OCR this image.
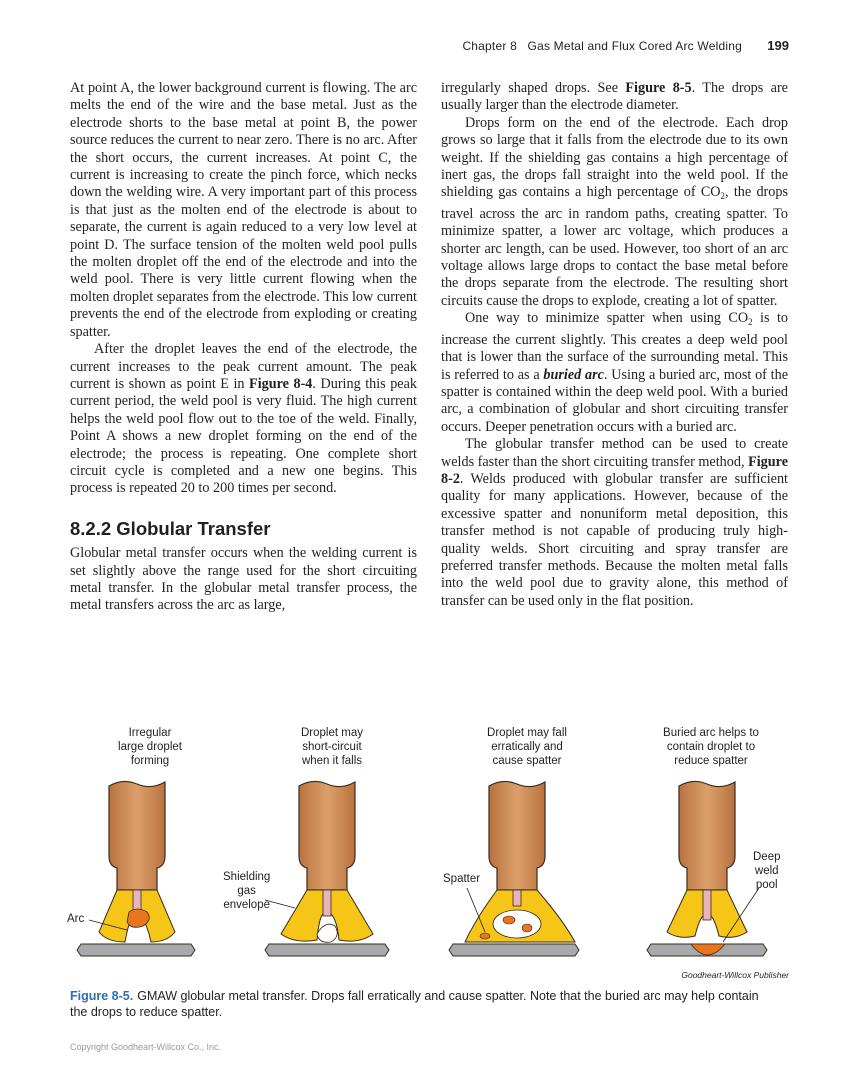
Chapter 8   Gas Metal and Flux Cored Arc Welding 199

At point A, the lower background current is flowing. The arc melts the end of the wire and the base metal. Just as the electrode shorts to the base metal at point B, the power source reduces the current to near zero. There is no arc. After the short occurs, the current increases. At point C, the current is increasing to create the pinch force, which necks down the welding wire. A very important part of this process is that just as the molten end of the electrode is about to separate, the current is again reduced to a very low level at point D. The surface tension of the molten weld pool pulls the molten droplet off the end of the electrode and into the weld pool. There is very little current flowing when the molten droplet separates from the electrode. This low current prevents the end of the electrode from exploding or creating spatter.

After the droplet leaves the end of the electrode, the current increases to the peak current amount. The peak current is shown as point E in Figure 8-4. During this peak current period, the weld pool is very fluid. The high current helps the weld pool flow out to the toe of the weld. Finally, Point A shows a new droplet forming on the end of the electrode; the process is repeating. One complete short circuit cycle is completed and a new one begins. This process is repeated 20 to 200 times per second.

8.2.2 Globular Transfer

Globular metal transfer occurs when the welding current is set slightly above the range used for the short circuiting metal transfer. In the globular metal transfer process, the metal transfers across the arc as large,

irregularly shaped drops. See Figure 8-5. The drops are usually larger than the electrode diameter.

Drops form on the end of the electrode. Each drop grows so large that it falls from the electrode due to its own weight. If the shielding gas contains a high percentage of inert gas, the drops fall straight into the weld pool. If the shielding gas contains a high percentage of $CO_2$, the drops travel across the arc in random paths, creating spatter. To minimize spatter, a lower arc voltage, which produces a shorter arc length, can be used. However, too short of an arc voltage allows large drops to contact the base metal before the drops separate from the electrode. The resulting short circuits cause the drops to explode, creating a lot of spatter.

One way to minimize spatter when using $CO_2$ is to increase the current slightly. This creates a deep weld pool that is lower than the surface of the surrounding metal. This is referred to as a buried arc. Using a buried arc, most of the spatter is contained within the deep weld pool. With a buried arc, a combination of globular and short circuiting transfer occurs. Deeper penetration occurs with a buried arc.

The globular transfer method can be used to create welds faster than the short circuiting transfer method, Figure 8-2. Welds produced with globular transfer are sufficient quality for many applications. However, because of the excessive spatter and nonuniform metal deposition, this transfer method is not capable of producing truly high-quality welds. Short circuiting and spray transfer are preferred transfer methods. Because the molten metal falls into the weld pool due to gravity alone, this method of transfer can be used only in the flat position.

Irregular
large droplet
forming
Droplet may
short-circuit
when it falls
Droplet may fall
erratically and
cause spatter
Buried arc helps to
contain droplet to
reduce spatter
Arc
Shielding
gas
envelope
Spatter
Deep
weld
pool
Goodheart-Willcox Publisher
Figure 8-5. GMAW globular metal transfer. Drops fall erratically and cause spatter. Note that the buried arc may help contain the drops to reduce spatter.
Copyright Goodheart-Willcox Co., Inc.
